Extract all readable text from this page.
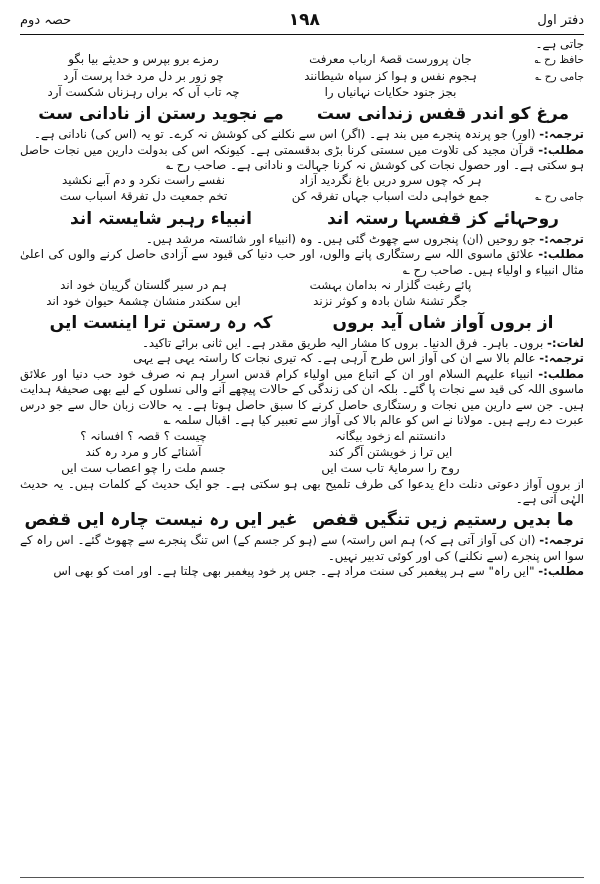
حصہ دوم	۱۹۸	دفتر اول

جاتی ہے۔

حافظ رح ؎
جان پرورست قصۂ ارباب معرفت
رمزے برو بپرس و حدیثے بیا بگو
جامی رح ؎
ہجوم نفس و ہوا کز سپاہ شیطانند
چو زور بر دل مرد خدا پرست آرد
بجز جنود حکایات نہانیاں را
چہ تاب آں کہ براں رہزناں شکست آرد
مرغ کو اندر قفس زندانی ست
مے نجوید رستن از نادانی ست

ترجمہ:- (اور) جو پرندہ پنجرے میں بند ہے۔ (اگر) اس سے نکلنے کی کوشش نہ کرے۔ تو یہ (اس کی) نادانی ہے۔

مطلب:- قرآن مجید کی تلاوت میں سستی کرنا بڑی بدقسمتی ہے۔ کیونکہ اس کی بدولت دارین میں نجات حاصل ہو سکتی ہے۔ اور حصول نجات کی کوشش نہ کرنا جہالت و نادانی ہے۔ صاحب رح ؎

ہر کہ چوں سرو دریں باغ نگردید آزاد
نفسے راست نکرد و دم آبے نکشید
جامی رح ؎
جمع خواہی دلت اسباب جہاں تفرقہ کن
تخم جمعیت دل تفرقۂ اسباب ست
روحہائے کز قفسہا رستہ اند
انبیاء رہبر شایستہ اند

ترجمہ:- جو روحیں (ان) پنجروں سے چھوٹ گئی ہیں۔ وہ (انبیاء اور شائستہ مرشد ہیں۔

مطلب:- علائق ماسوی اللہ سے رستگاری پانے والوں، اور حب دنیا کی قیود سے آزادی حاصل کرنے والوں کی اعلیٰ مثال انبیاء و اولیاء ہیں۔ صاحب رح ؎

پائے رغبت گلزار نہ بدامان بہشت
ہم در سیر گلستان گریبان خود اند
جگر تشنۂ شان بادہ و کوثر نزند
ایں سکندر منشان چشمۂ حیوان خود اند
از بروں آواز شاں آید بروں
کہ رہ رستن ترا اینست ایں

لغات:- بروں۔ باہر۔ فرق الدنیا۔ بروں کا مشار الیہ طریق مقدر ہے۔ ایں ثانی برائے تاکید۔

ترجمہ:- عالم بالا سے ان کی آواز اس طرح آرہی ہے۔ کہ تیری نجات کا راستہ یہی ہے یہی

مطلب:- انبیاء علیہم السلام اور ان کے اتباع میں اولیاء کرام قدس اسرار ہم نہ صرف خود حب دنیا اور علائق ماسوی اللہ کی قید سے نجات پا گئے۔ بلکہ ان کی زندگی کے حالات پیچھے آنے والی نسلوں کے لیے بھی صحیفۂ ہدایت ہیں۔ جن سے دارین میں نجات و رستگاری حاصل کرنے کا سبق حاصل ہوتا ہے۔ یہ حالات زبان حال سے جو درس عبرت دے رہے ہیں۔ مولانا نے اس کو عالم بالا کی آواز سے تعبیر کیا ہے۔ اقبال سلمہ ؎

دانستنم اے زخود بیگانہ
چیست ؟ قصہ ؟ افسانہ ؟
ایں ترا ز خویشتن آگر کند
آشنائے کار و مرد رہ کند
روح را سرمایۂ تاب ست ایں
جسم ملت را چو اعصاب ست ایں

از بروں آواز دعوتی دنلت داع یدعوا کی طرف تلمیح بھی ہو سکتی ہے۔ جو ایک حدیث کے کلمات ہیں۔ یہ حدیث الہٰی آتی ہے۔

ما بدیں رستیم زیں تنگیں قفص
غیر ایں رہ نیست چارہ ایں قفص

ترجمہ:- (ان کی آواز آتی ہے کہ) ہم اس راستہ) سے (ہو کر جسم کے) اس تنگ پنجرے سے چھوٹ گئے۔ اس راہ کے سوا اس پنجرے (سے نکلنے) کی اور کوئی تدبیر نہیں۔

مطلب:- "ایں راہ" سے ہر پیغمبر کی سنت مراد ہے۔ جس پر خود پیغمبر بھی چلتا ہے۔ اور امت کو بھی اس
